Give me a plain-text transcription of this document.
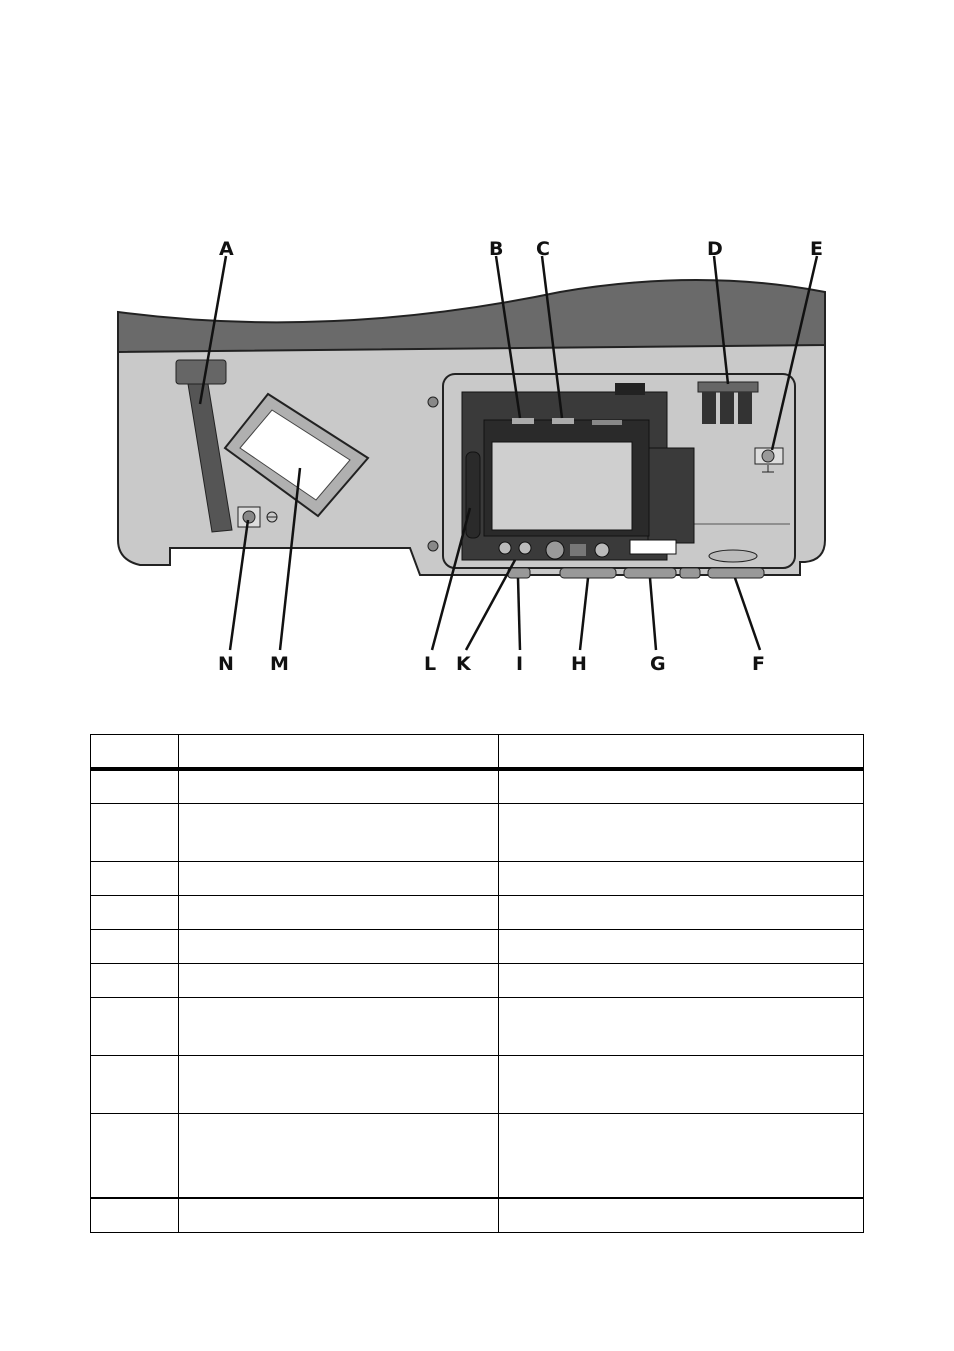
A	B C	D	E
N M	L K I	H	G	F
